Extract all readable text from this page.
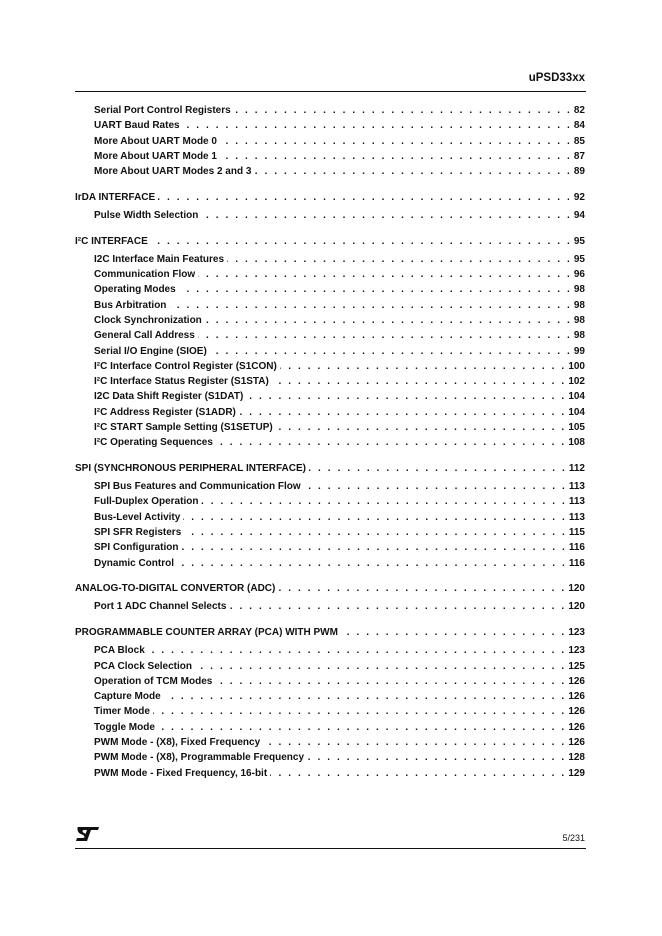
uPSD33xx
Serial Port Control Registers . . .	82
UART Baud Rates . . .	84
More About UART Mode 0 . . .	85
More About UART Mode 1 . . .	87
More About UART Modes 2 and 3 . . .	89
IrDA INTERFACE . . .	92
Pulse Width Selection . . .	94
I²C INTERFACE . . .	95
I2C Interface Main Features . . .	95
Communication Flow . . .	96
Operating Modes . . .	98
Bus Arbitration . . .	98
Clock Synchronization . . .	98
General Call Address . . .	98
Serial I/O Engine (SIOE) . . .	99
I²C Interface Control Register (S1CON) . . .	100
I²C Interface Status Register (S1STA) . . .	102
I2C Data Shift Register (S1DAT) . . .	104
I²C Address Register (S1ADR) . . .	104
I²C START Sample Setting (S1SETUP) . . .	105
I²C Operating Sequences . . .	108
SPI (SYNCHRONOUS PERIPHERAL INTERFACE) . . .	112
SPI Bus Features and Communication Flow . . .	113
Full-Duplex Operation . . .	113
Bus-Level Activity . . .	113
SPI SFR Registers . . .	115
SPI Configuration . . .	116
Dynamic Control . . .	116
ANALOG-TO-DIGITAL CONVERTOR (ADC) . . .	120
Port 1 ADC Channel Selects . . .	120
PROGRAMMABLE COUNTER ARRAY (PCA) WITH PWM . . .	123
PCA Block . . .	123
PCA Clock Selection . . .	125
Operation of TCM Modes . . .	126
Capture Mode . . .	126
Timer Mode . . .	126
Toggle Mode . . .	126
PWM Mode - (X8), Fixed Frequency . . .	126
PWM Mode - (X8), Programmable Frequency . . .	128
PWM Mode - Fixed Frequency, 16-bit . . .	129
5/231
